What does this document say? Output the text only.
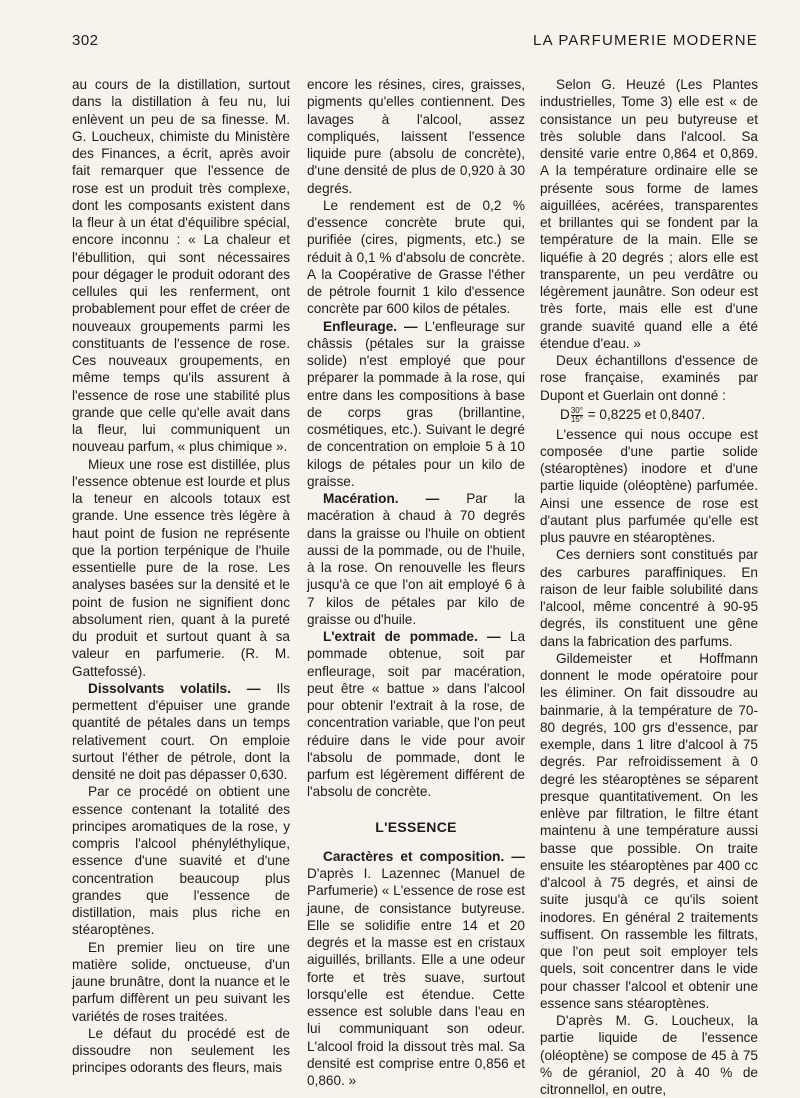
302	LA PARFUMERIE MODERNE

au cours de la distillation, surtout dans la distillation à feu nu, lui enlèvent un peu de sa finesse. M. G. Loucheux, chimiste du Ministère des Finances, a écrit, après avoir fait remarquer que l'essence de rose est un produit très complexe, dont les composants existent dans la fleur à un état d'équilibre spécial, encore inconnu : « La chaleur et l'ébullition, qui sont nécessaires pour dégager le produit odorant des cellules qui les renferment, ont probablement pour effet de créer de nouveaux groupements parmi les constituants de l'essence de rose. Ces nouveaux groupements, en même temps qu'ils assurent à l'essence de rose une stabilité plus grande que celle qu'elle avait dans la fleur, lui communiquent un nouveau parfum, « plus chimique ».

Mieux une rose est distillée, plus l'essence obtenue est lourde et plus la teneur en alcools totaux est grande. Une essence très légère à haut point de fusion ne représente que la portion terpénique de l'huile essentielle pure de la rose. Les analyses basées sur la densité et le point de fusion ne signifient donc absolument rien, quant à la pureté du produit et surtout quant à sa valeur en parfumerie. (R. M. Gattefossé).

Dissolvants volatils. — Ils permettent d'épuiser une grande quantité de pétales dans un temps relativement court. On emploie surtout l'éther de pétrole, dont la densité ne doit pas dépasser 0,630.

Par ce procédé on obtient une essence contenant la totalité des principes aromatiques de la rose, y compris l'alcool phényléthylique, essence d'une suavité et d'une concentration beaucoup plus grandes que l'essence de distillation, mais plus riche en stéaroptènes.

En premier lieu on tire une matière solide, onctueuse, d'un jaune brunâtre, dont la nuance et le parfum diffèrent un peu suivant les variétés de roses traitées.

Le défaut du procédé est de dissoudre non seulement les principes odorants des fleurs, mais

encore les résines, cires, graisses, pigments qu'elles contiennent. Des lavages à l'alcool, assez compliqués, laissent l'essence liquide pure (absolu de concrète), d'une densité de plus de 0,920 à 30 degrés.

Le rendement est de 0,2 % d'essence concrète brute qui, purifiée (cires, pigments, etc.) se réduit à 0,1 % d'absolu de concrète. A la Coopérative de Grasse l'éther de pétrole fournit 1 kilo d'essence concrète par 600 kilos de pétales.

Enfleurage. — L'enfleurage sur châssis (pétales sur la graisse solide) n'est employé que pour préparer la pommade à la rose, qui entre dans les compositions à base de corps gras (brillantine, cosmétiques, etc.). Suivant le degré de concentration on emploie 5 à 10 kilogs de pétales pour un kilo de graisse.

Macération. — Par la macération à chaud à 70 degrés dans la graisse ou l'huile on obtient aussi de la pommade, ou de l'huile, à la rose. On renouvelle les fleurs jusqu'à ce que l'on ait employé 6 à 7 kilos de pétales par kilo de graisse ou d'huile.

L'extrait de pommade. — La pommade obtenue, soit par enfleurage, soit par macération, peut être « battue » dans l'alcool pour obtenir l'extrait à la rose, de concentration variable, que l'on peut réduire dans le vide pour avoir l'absolu de pommade, dont le parfum est légèrement différent de l'absolu de concrète.

L'ESSENCE

Caractères et composition. — D'après I. Lazennec (Manuel de Parfumerie) « L'essence de rose est jaune, de consistance butyreuse. Elle se solidifie entre 14 et 20 degrés et la masse est en cristaux aiguillés, brillants. Elle a une odeur forte et très suave, surtout lorsqu'elle est étendue. Cette essence est soluble dans l'eau en lui communiquant son odeur. L'alcool froid la dissout très mal. Sa densité est comprise entre 0,856 et 0,860. »

Selon G. Heuzé (Les Plantes industrielles, Tome 3) elle est « de consistance un peu butyreuse et très soluble dans l'alcool. Sa densité varie entre 0,864 et 0,869. A la température ordinaire elle se présente sous forme de lames aiguillées, acérées, transparentes et brillantes qui se fondent par la température de la main. Elle se liquéfie à 20 degrés ; alors elle est transparente, un peu verdâtre ou légèrement jaunâtre. Son odeur est très forte, mais elle est d'une grande suavité quand elle a été étendue d'eau. »

Deux échantillons d'essence de rose française, examinés par Dupont et Guerlain ont donné :

D $\frac{30^\circ}{15^\circ} = 0,8225$ et 0,8407.

L'essence qui nous occupe est composée d'une partie solide (stéaroptènes) inodore et d'une partie liquide (oléoptène) parfumée. Ainsi une essence de rose est d'autant plus parfumée qu'elle est plus pauvre en stéaroptènes.

Ces derniers sont constitués par des carbures paraffiniques. En raison de leur faible solubilité dans l'alcool, même concentré à 90-95 degrés, ils constituent une gêne dans la fabrication des parfums.

Gildemeister et Hoffmann donnent le mode opératoire pour les éliminer. On fait dissoudre au bainmarie, à la température de 70-80 degrés, 100 grs d'essence, par exemple, dans 1 litre d'alcool à 75 degrés. Par refroidissement à 0 degré les stéaroptènes se séparent presque quantitativement. On les enlève par filtration, le filtre étant maintenu à une température aussi basse que possible. On traite ensuite les stéaroptènes par 400 cc d'alcool à 75 degrés, et ainsi de suite jusqu'à ce qu'ils soient inodores. En général 2 traitements suffisent. On rassemble les filtrats, que l'on peut soit employer tels quels, soit concentrer dans le vide pour chasser l'alcool et obtenir une essence sans stéaroptènes.

D'après M. G. Loucheux, la partie liquide de l'essence (oléoptène) se compose de 45 à 75 % de géraniol, 20 à 40 % de citronnellol, en outre,
